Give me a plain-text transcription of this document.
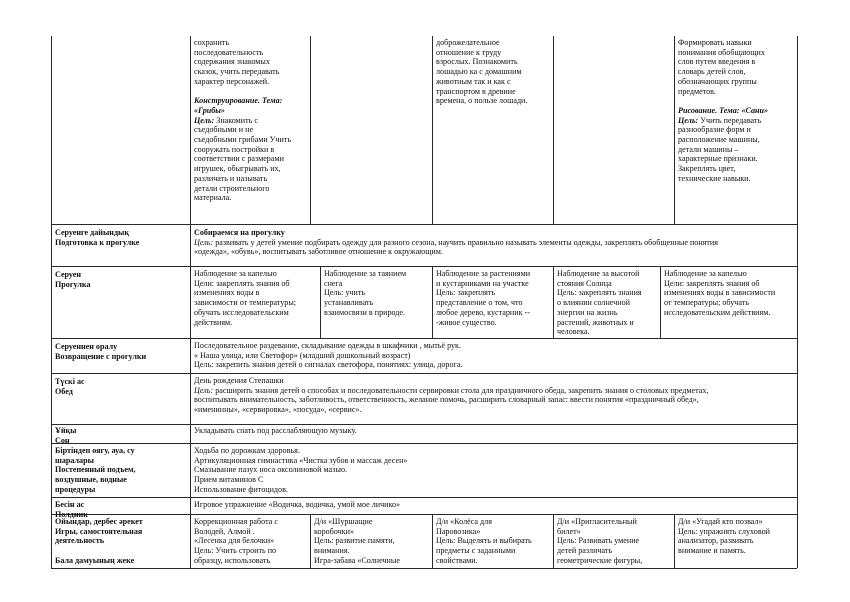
сохранить
последовательность
содержания знакомых
сказок, учить передавать
характер персонажей.
Конструирование. Тема:
«Грибы»
Цель: Знакомить с
съедобными и не
съедобными грибами Учить
сооружать постройки в
соответствии с размерами
игрушек, обыгрывать их,
различать и называть
детали строительного
материала.
доброжелательное
отношение к труду
взрослых. Познакомить
лошадью ка с домашним
животным так и как с
транспортом в древние
времена, о пользе лошади.
Формировать навыки
понимания обобщающих
слов путем введения в
словарь детей слов,
обозначающих группы
предметов.
Рисование. Тема: «Сани»
Цель: Учить передавать
разнообразие форм и
расположение машины,
детали машины –
характерные признаки.
Закреплять цвет,
технические навыки.
Серуенге дайындық
Подготовка к прогулке
Серуен
Прогулка
Серуеннен оралу
Возвращение с прогулки
Түскі ас
Обед
Ұйқы
Сон
Біртіндеп оягу, ауа, су
шаралары
Постепенный подъем,
воздушные, водные
процедуры
Бесін ас
Полдник
Ойындар, дербес әрекет
Игры, самостоятельная
деятельность
Бала дамуының жеке
Собираемся на прогулку
Цель: развивать у детей умение подбирать одежду для разного сезона, научить правильно называть элементы одежды, закреплять обобщенные понятия
«одежда», «обувь», воспитывать заботливое отношение к окружающим.
Наблюдение за капелью
Цели: закреплять знания об
изменениях воды в
зависимости от температуры;
обучать исследовательским
действиям.
Наблюдение за таянием
снега
Цель: учить
устанавливать
взаимосвязи в природе.
Наблюдение за растениями
и кустарниками на участке
Цель: закреплять
представление о том, что
любое дерево, кустарник --
-живое существо.
Наблюдение за высотой
стояния Солнца
Цель: закреплять знания
о влиянии солнечной
энергии на жизнь
растений, животных и
человека.
Наблюдение за капелью
Цели: закреплять знания об
изменениях воды в зависимости
от температуры; обучать
исследовательским действиям.
Последовательное раздевание, складывание одежды в шкафчики , мытьё рук.
« Наша улица, или Светофор» (младший дошкольный возраст)
Цель: закрепить знания детей о сигналах светофора, понятиях: улица, дорога.
День рождения Степашки
Цель: расширить знания детей о способах и последовательности сервировки стола для праздничного обеда, закрепить знания о столовых предметах,
воспитывать внимательность, заботливость, ответственность, желание помочь, расширить словарный запас: ввести понятия «праздничный обед»,
«именинны», «сервировка», «посуда», «сервис».
Укладывать спать под расслабляющую музыку.
Ходьба по дорожкам здоровья.
Артикуляционная гимнастика «Чистка зубов и массаж десен»
Смазывание пазух носа оксолиновой мазью.
Прием витаминов С
Использование фитоцидов.
Игровое упражнение «Водичка, водичка, умой мое личико»
Коррекционная работа с
Володей, Алмой .
«Лесенка для белочки»
Цель: Учить строить по
образцу, использовать
Д/и «Шуршащие
коробочки»
Цель: развитие памяти,
внимания.
Игра-забава «Солнечные
Д/и «Колёса для
Паровозика»
Цель: Выделять и выбирать
предметы с заданными
свойствами.
Д/и «Пригласительный
билет»
Цель: Развивать умение
детей различать
геометрические фигуры,
Д/и «Угадай кто позвал»
Цель: упражнять слуховой
анализатор, развивать
внимание и память.
